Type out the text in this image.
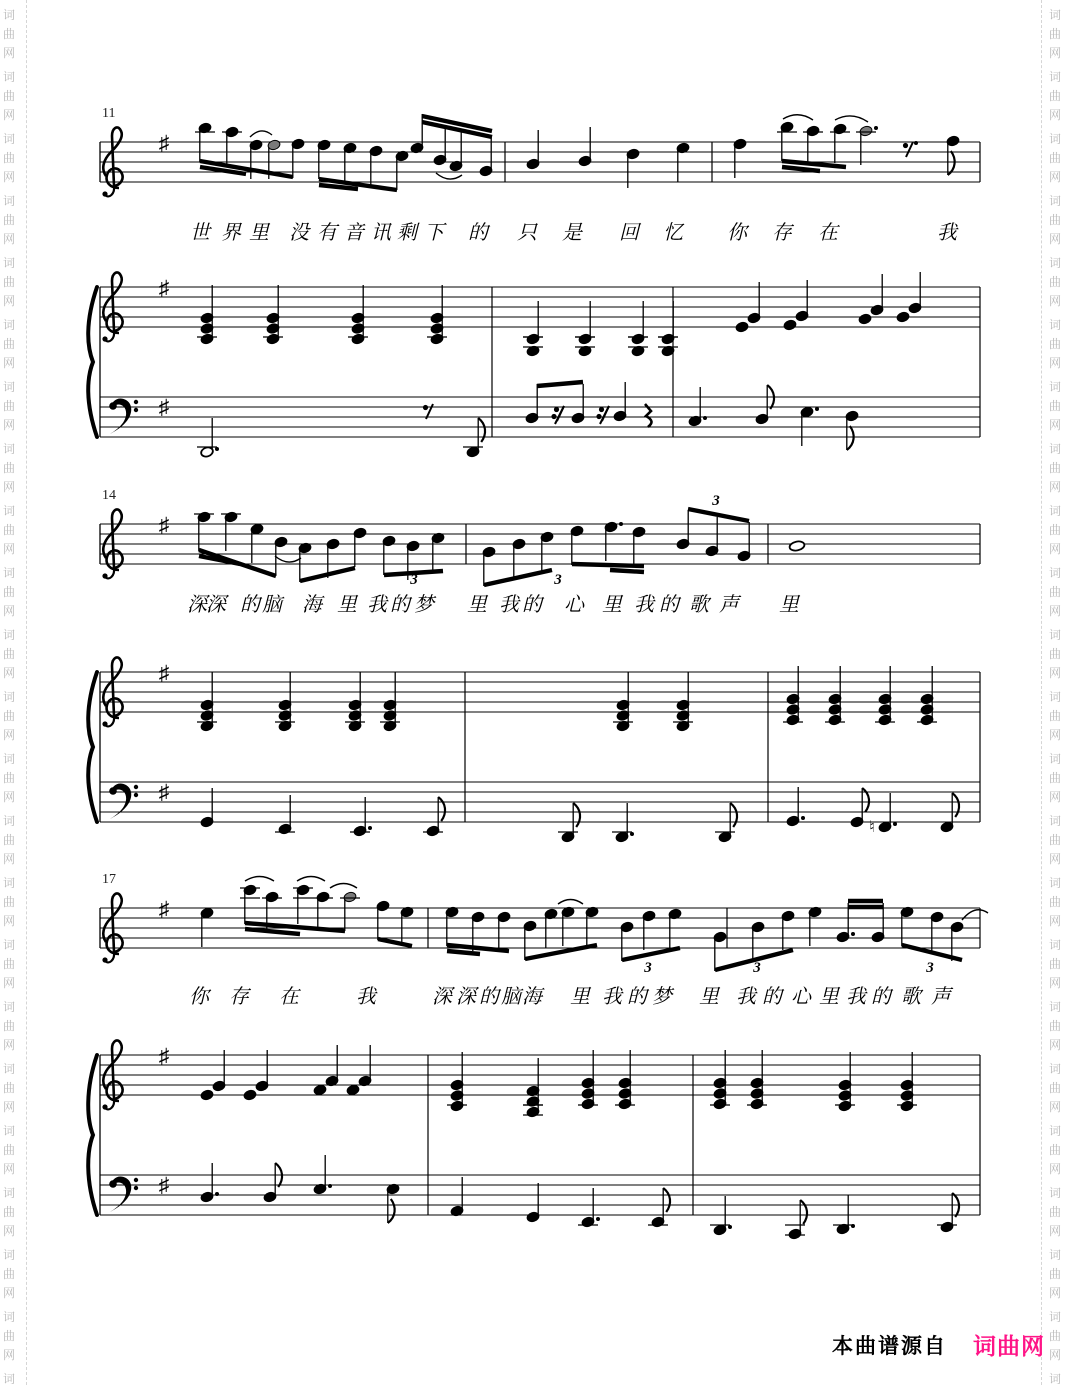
词
曲
网
词
曲
网
词
曲
网
词
曲
网
词
曲
网
词
曲
网
词
曲
网
词
曲
网
词
曲
网
词
曲
网
词
曲
网
词
曲
网
词
曲
网
词
曲
网
词
曲
网
词
曲
网
词
曲
网
词
曲
网
词
曲
网
词
曲
网
词
曲
网
词
曲
网
词
词
曲
网
词
曲
网
词
曲
网
词
曲
网
词
曲
网
词
曲
网
词
曲
网
词
曲
网
词
曲
网
词
曲
网
词
曲
网
词
曲
网
词
曲
网
词
曲
网
词
曲
网
词
曲
网
词
曲
网
词
曲
网
词
曲
网
词
曲
网
词
曲
网
词
曲
网
词
♯
♯
♯
♯
3	3
3
♯
♯
♮
♯
3	3	3
♯
♯
11
14
17
世 界 里 没 有 音 讯 剩 下 的 只 是 回 忆 你 存 在	我
深 深 的 脑 海 里 我 的 梦 里 我 的 心 里 我 的 歌 声 里
你 存 在	我	深 深 的 脑 海 里 我 的 梦 里 我 的 心 里 我 的 歌 声
本曲谱源自 词曲网
